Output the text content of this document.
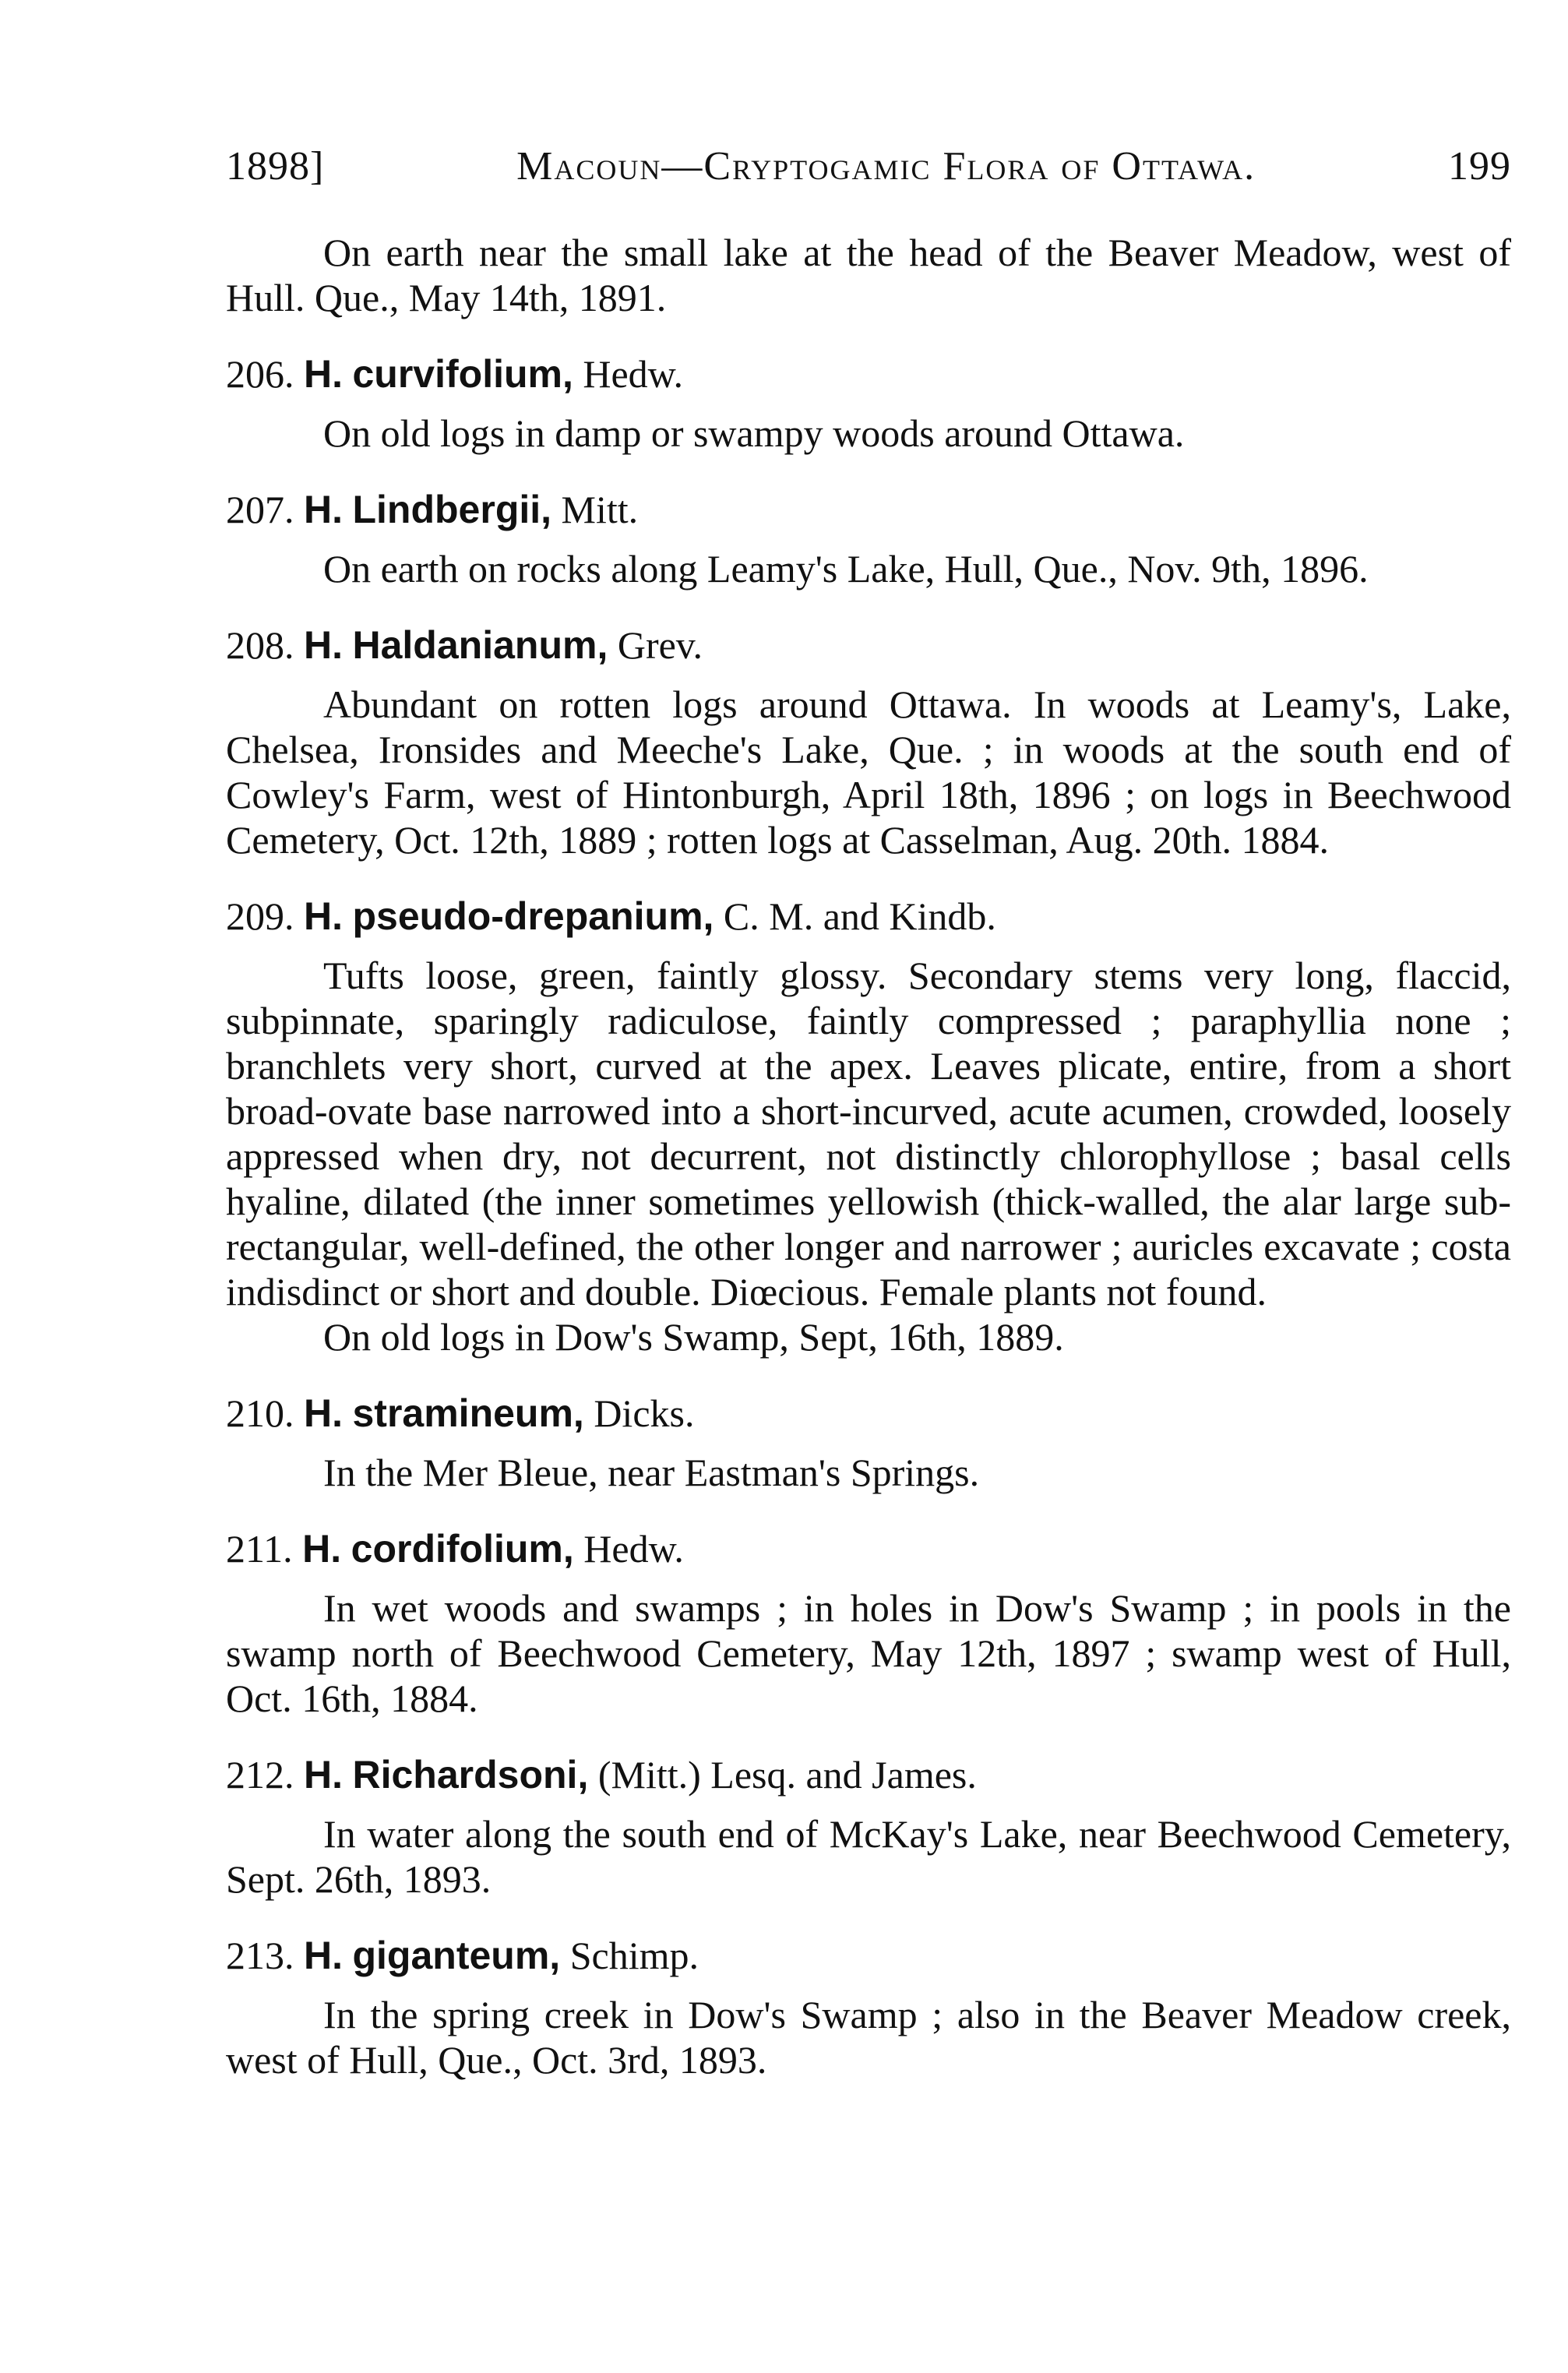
1898]	Macoun—Cryptogamic Flora of Ottawa.	199

On earth near the small lake at the head of the Beaver Meadow, west of Hull. Que., May 14th, 1891.

206. H. curvifolium, Hedw.

On old logs in damp or swampy woods around Ottawa.

207. H. Lindbergii, Mitt.

On earth on rocks along Leamy's Lake, Hull, Que., Nov. 9th, 1896.

208. H. Haldanianum, Grev.

Abundant on rotten logs around Ottawa. In woods at Leamy's, Lake, Chelsea, Ironsides and Meeche's Lake, Que. ; in woods at the south end of Cowley's Farm, west of Hintonburgh, April 18th, 1896 ; on logs in Beechwood Cemetery, Oct. 12th, 1889 ; rotten logs at Casselman, Aug. 20th. 1884.

209. H. pseudo-drepanium, C. M. and Kindb.

Tufts loose, green, faintly glossy. Secondary stems very long, flaccid, subpinnate, sparingly radiculose, faintly compressed ; paraphyllia none ; branchlets very short, curved at the apex. Leaves plicate, entire, from a short broad-ovate base narrowed into a short-incurved, acute acumen, crowded, loosely appressed when dry, not decurrent, not distinctly chlorophyllose ; basal cells hyaline, dilated (the inner sometimes yellowish (thick-walled, the alar large sub-rectangular, well-defined, the other longer and narrower ; auricles excavate ; costa indisdinct or short and double. Diœcious. Female plants not found.

On old logs in Dow's Swamp, Sept, 16th, 1889.

210. H. stramineum, Dicks.

In the Mer Bleue, near Eastman's Springs.

211. H. cordifolium, Hedw.

In wet woods and swamps ; in holes in Dow's Swamp ; in pools in the swamp north of Beechwood Cemetery, May 12th, 1897 ; swamp west of Hull, Oct. 16th, 1884.

212. H. Richardsoni, (Mitt.) Lesq. and James.

In water along the south end of McKay's Lake, near Beechwood Cemetery, Sept. 26th, 1893.

213. H. giganteum, Schimp.

In the spring creek in Dow's Swamp ; also in the Beaver Meadow creek, west of Hull, Que., Oct. 3rd, 1893.
